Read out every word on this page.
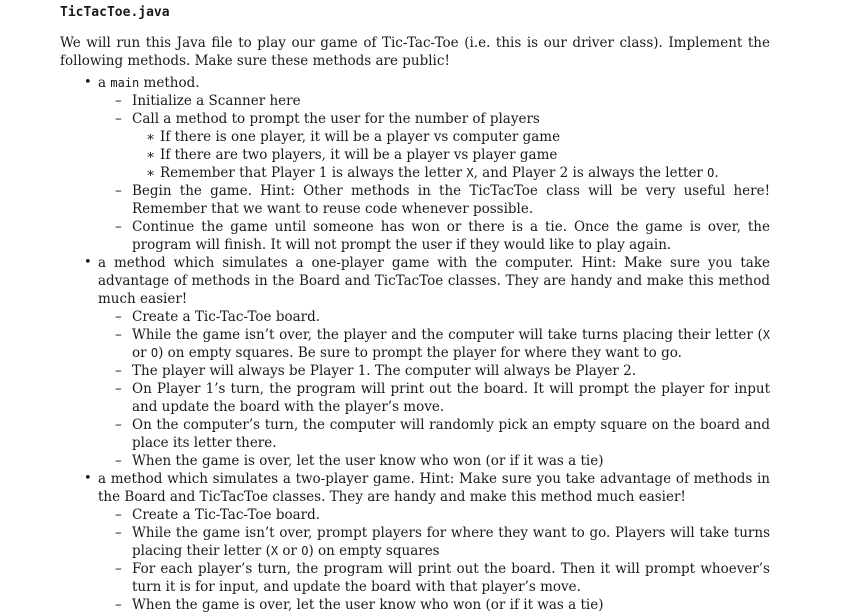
TicTacToe.java

We will run this Java file to play our game of Tic-Tac-Toe (i.e. this is our driver class). Implement the following methods. Make sure these methods are public!

• a main method.
– Initialize a Scanner here
– Call a method to prompt the user for the number of players
∗ If there is one player, it will be a player vs computer game
∗ If there are two players, it will be a player vs player game
∗ Remember that Player 1 is always the letter X, and Player 2 is always the letter O.
– Begin the game. Hint: Other methods in the TicTacToe class will be very useful here! Remember that we want to reuse code whenever possible.
– Continue the game until someone has won or there is a tie. Once the game is over, the program will finish. It will not prompt the user if they would like to play again.
• a method which simulates a one-player game with the computer. Hint: Make sure you take advantage of methods in the Board and TicTacToe classes. They are handy and make this method much easier!
– Create a Tic-Tac-Toe board.
– While the game isn’t over, the player and the computer will take turns placing their letter (X or O) on empty squares. Be sure to prompt the player for where they want to go.
– The player will always be Player 1. The computer will always be Player 2.
– On Player 1’s turn, the program will print out the board. It will prompt the player for input and update the board with the player’s move.
– On the computer’s turn, the computer will randomly pick an empty square on the board and place its letter there.
– When the game is over, let the user know who won (or if it was a tie)
• a method which simulates a two-player game. Hint: Make sure you take advantage of methods in the Board and TicTacToe classes. They are handy and make this method much easier!
– Create a Tic-Tac-Toe board.
– While the game isn’t over, prompt players for where they want to go. Players will take turns placing their letter (X or O) on empty squares
– For each player’s turn, the program will print out the board. Then it will prompt whoever’s turn it is for input, and update the board with that player’s move.
– When the game is over, let the user know who won (or if it was a tie)
